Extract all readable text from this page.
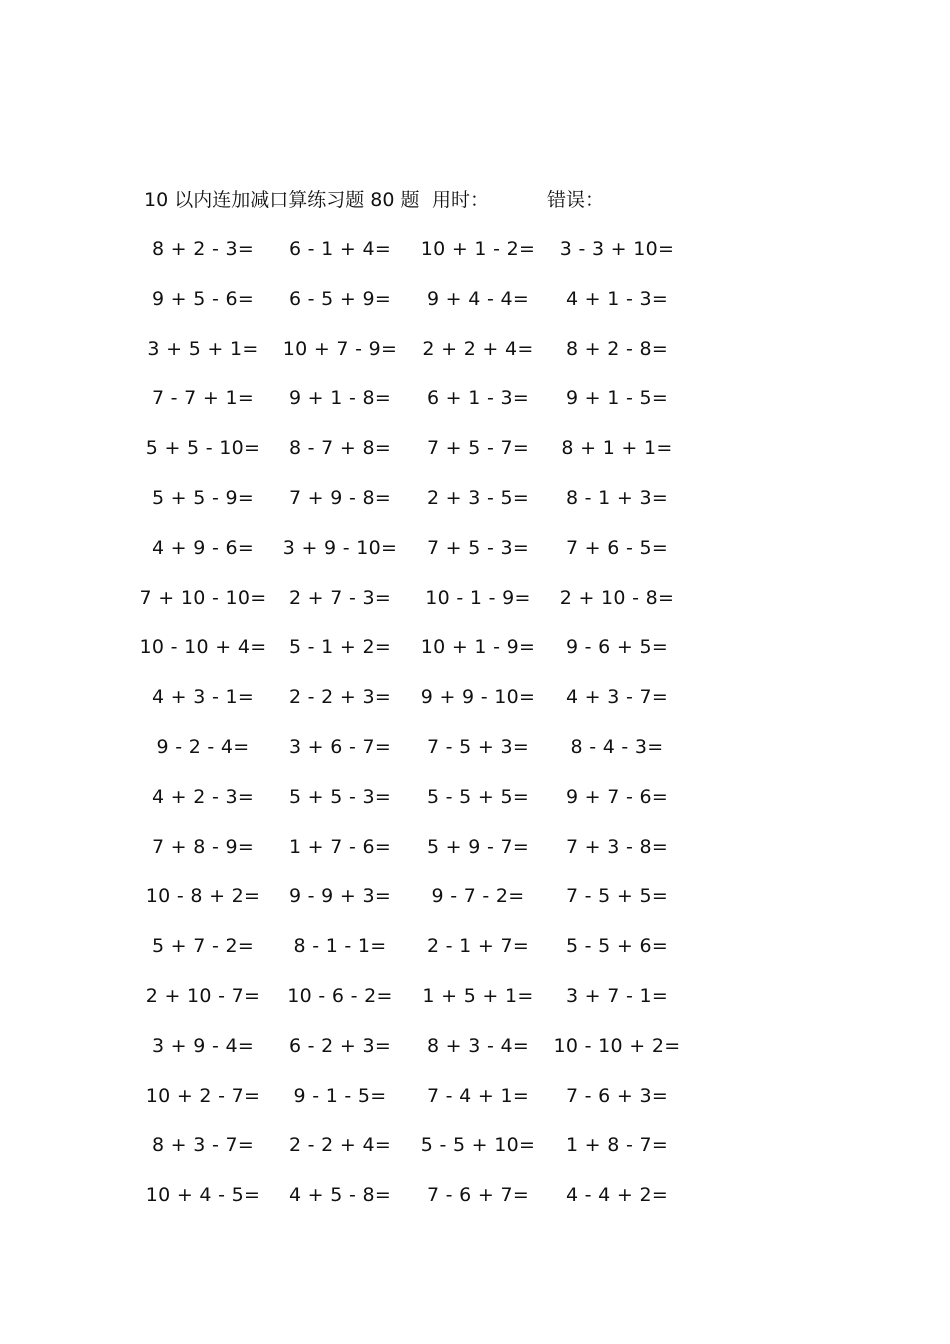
10 以内连加减口算练习题 80 题 用时：	错误：
8 + 2 - 3=	6 - 1 + 4=	10 + 1 - 2=	3 - 3 + 10=
9 + 5 - 6=	6 - 5 + 9=	9 + 4 - 4=	4 + 1 - 3=
3 + 5 + 1=	10 + 7 - 9=	2 + 2 + 4=	8 + 2 - 8=
7 - 7 + 1=	9 + 1 - 8=	6 + 1 - 3=	9 + 1 - 5=
5 + 5 - 10=	8 - 7 + 8=	7 + 5 - 7=	8 + 1 + 1=
5 + 5 - 9=	7 + 9 - 8=	2 + 3 - 5=	8 - 1 + 3=
4 + 9 - 6=	3 + 9 - 10=	7 + 5 - 3=	7 + 6 - 5=
7 + 10 - 10=	2 + 7 - 3=	10 - 1 - 9=	2 + 10 - 8=
10 - 10 + 4=	5 - 1 + 2=	10 + 1 - 9=	9 - 6 + 5=
4 + 3 - 1=	2 - 2 + 3=	9 + 9 - 10=	4 + 3 - 7=
9 - 2 - 4=	3 + 6 - 7=	7 - 5 + 3=	8 - 4 - 3=
4 + 2 - 3=	5 + 5 - 3=	5 - 5 + 5=	9 + 7 - 6=
7 + 8 - 9=	1 + 7 - 6=	5 + 9 - 7=	7 + 3 - 8=
10 - 8 + 2=	9 - 9 + 3=	9 - 7 - 2=	7 - 5 + 5=
5 + 7 - 2=	8 - 1 - 1=	2 - 1 + 7=	5 - 5 + 6=
2 + 10 - 7=	10 - 6 - 2=	1 + 5 + 1=	3 + 7 - 1=
3 + 9 - 4=	6 - 2 + 3=	8 + 3 - 4=	10 - 10 + 2=
10 + 2 - 7=	9 - 1 - 5=	7 - 4 + 1=	7 - 6 + 3=
8 + 3 - 7=	2 - 2 + 4=	5 - 5 + 10=	1 + 8 - 7=
10 + 4 - 5=	4 + 5 - 8=	7 - 6 + 7=	4 - 4 + 2=
